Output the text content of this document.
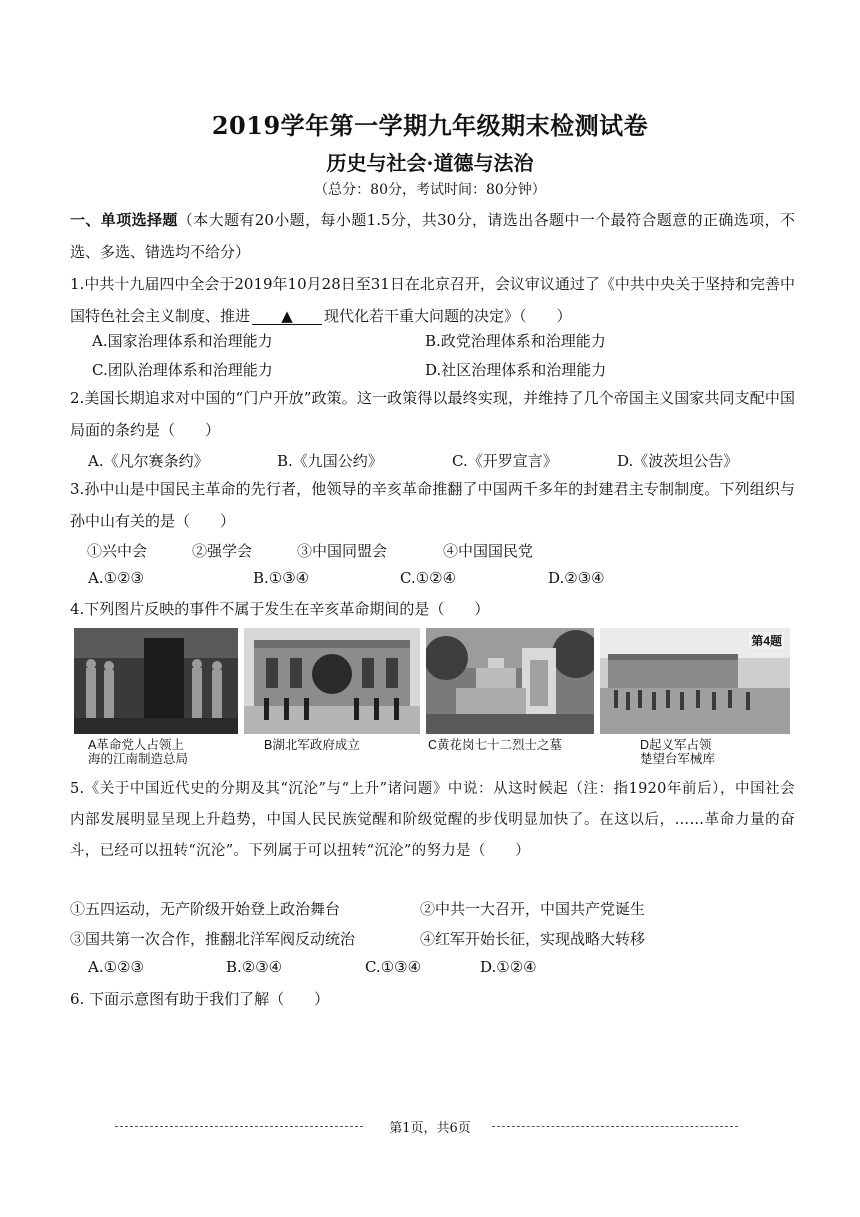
2019学年第一学期九年级期末检测试卷
历史与社会·道德与法治
（总分：80分，考试时间：80分钟）
一、单项选择题（本大题有20小题，每小题1.5分，共30分，请选出各题中一个最符合题意的正确选项，不选、多选、错选均不给分）
1.中共十九届四中全会于2019年10月28日至31日在北京召开，会议审议通过了《中共中央关于坚持和完善中国特色社会主义制度、推进 ▲ 现代化若干重大问题的决定》（　　）
A.国家治理体系和治理能力	B.政党治理体系和治理能力
C.团队治理体系和治理能力	D.社区治理体系和治理能力
2.美国长期追求对中国的“门户开放”政策。这一政策得以最终实现，并维持了几个帝国主义国家共同支配中国局面的条约是（　　）
A.《凡尔赛条约》	B.《九国公约》	C.《开罗宣言》	D.《波茨坦公告》
3.孙中山是中国民主革命的先行者，他领导的辛亥革命推翻了中国两千多年的封建君主专制制度。下列组织与孙中山有关的是（　　）
①兴中会	②强学会	③中国同盟会	④中国国民党
A.①②③	B.①③④	C.①②④	D.②③④
4.下列图片反映的事件不属于发生在辛亥革命期间的是（　　）
A革命党人占领上
海的江南制造总局
B湖北军政府成立	C黄花岗七十二烈士之墓
第4题
D起义军占领
楚望台军械库
5.《关于中国近代史的分期及其“沉沦”与“上升”诸问题》中说：从这时候起（注：指1920年前后），中国社会内部发展明显呈现上升趋势，中国人民民族觉醒和阶级觉醒的步伐明显加快了。在这以后，……革命力量的奋斗，已经可以扭转“沉沦”。下列属于可以扭转“沉沦”的努力是（　　）
①五四运动，无产阶级开始登上政治舞台	②中共一大召开，中国共产党诞生
③国共第一次合作，推翻北洋军阀反动统治	④红军开始长征，实现战略大转移
A.①②③	B.②③④	C.①③④	D.①②④
6. 下面示意图有助于我们了解（　　）
第1页，共6页
